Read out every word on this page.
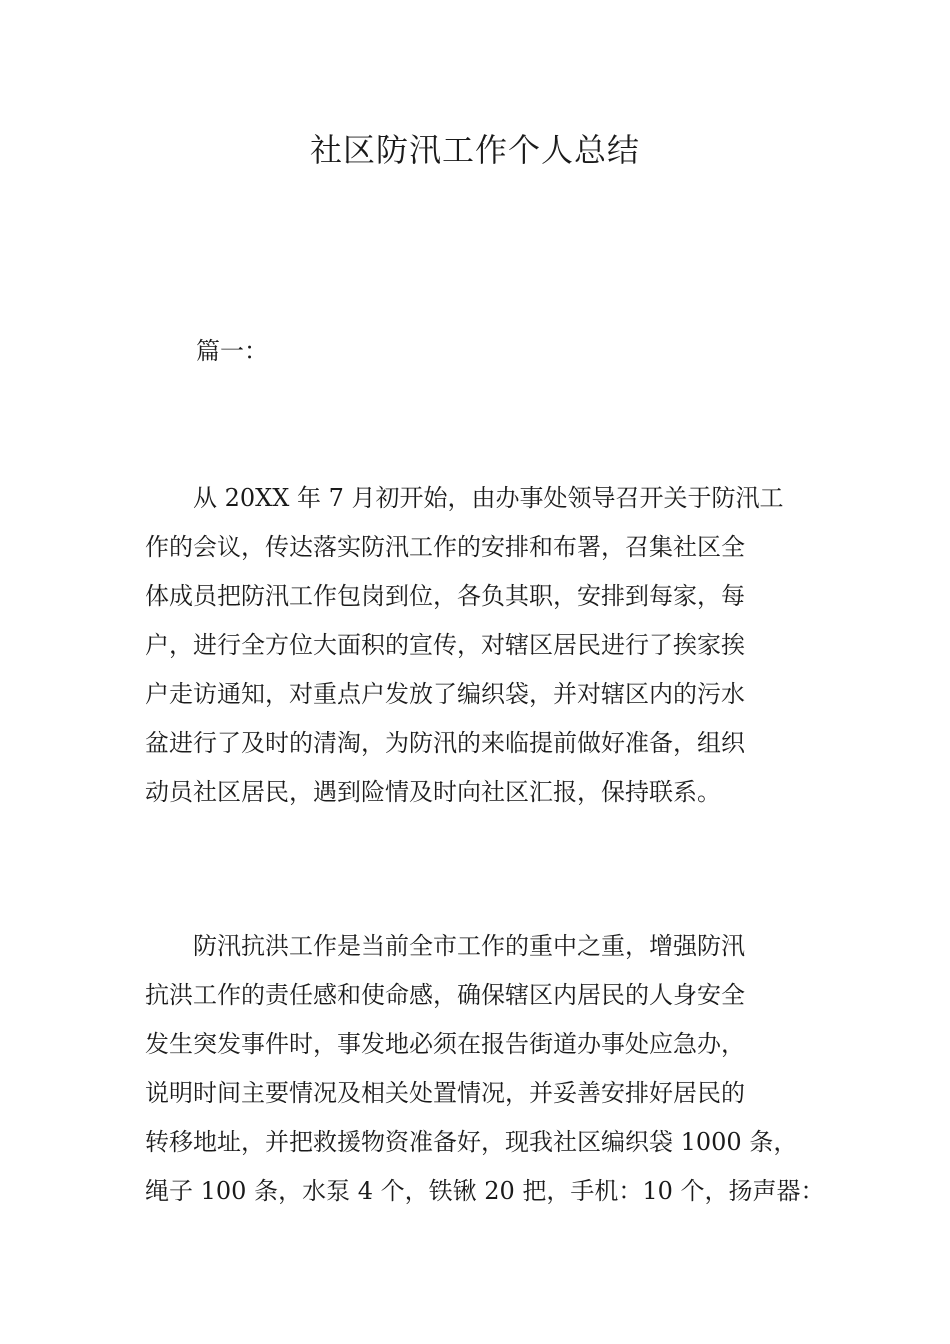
社区防汛工作个人总结

篇一：

　　从 20XX 年 7 月初开始，由办事处领导召开关于防汛工
作的会议，传达落实防汛工作的安排和布署，召集社区全
体成员把防汛工作包岗到位，各负其职，安排到每家，每
户，进行全方位大面积的宣传，对辖区居民进行了挨家挨
户走访通知，对重点户发放了编织袋，并对辖区内的污水
盆进行了及时的清淘，为防汛的来临提前做好准备，组织
动员社区居民，遇到险情及时向社区汇报，保持联系。
　　防汛抗洪工作是当前全市工作的重中之重，增强防汛
抗洪工作的责任感和使命感，确保辖区内居民的人身安全
发生突发事件时，事发地必须在报告街道办事处应急办，
说明时间主要情况及相关处置情况，并妥善安排好居民的
转移地址，并把救援物资准备好，现我社区编织袋 1000 条，
绳子 100 条，水泵 4 个，铁锹 20 把，手机：10 个，扬声器：
